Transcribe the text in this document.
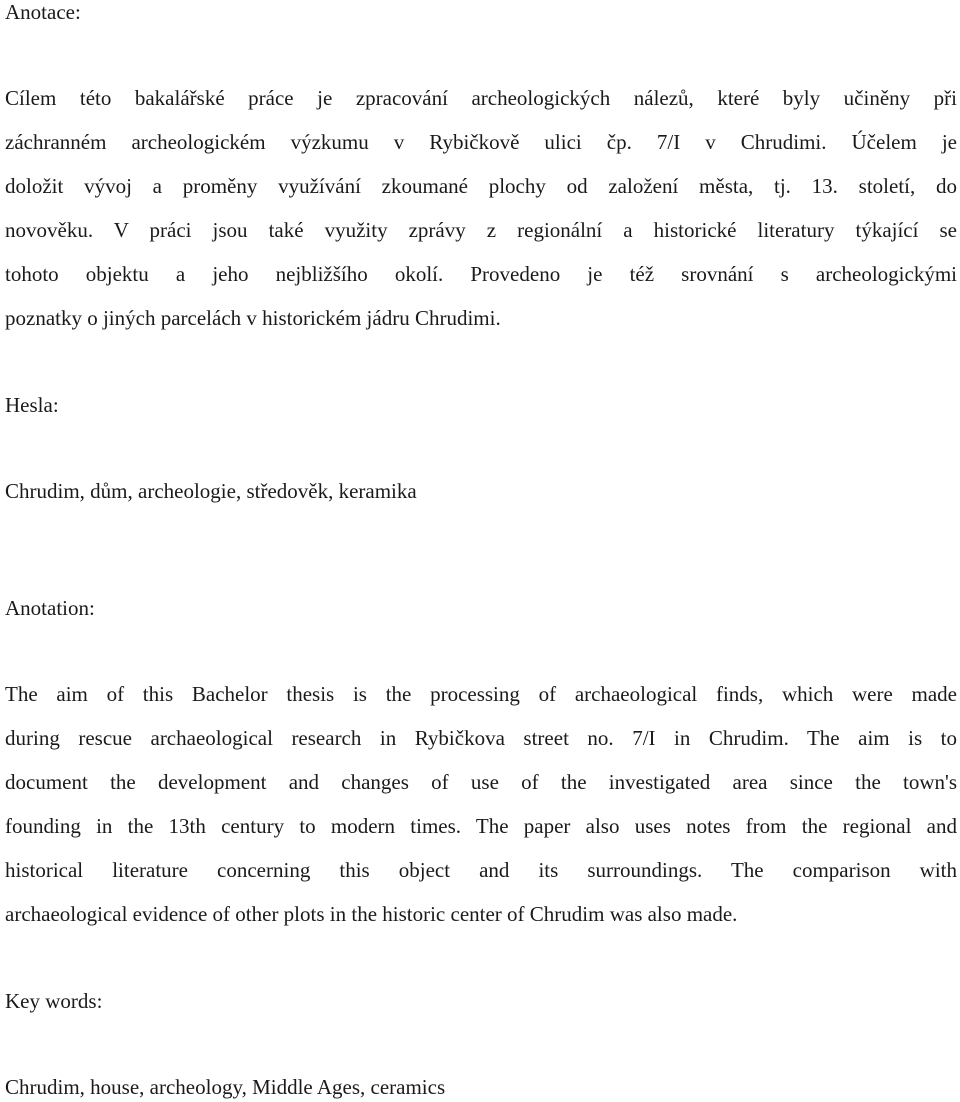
Anotace:
Cílem této bakalářské práce je zpracování archeologických nálezů, které byly učiněny při
záchranném archeologickém výzkumu v Rybičkově ulici čp. 7/I v Chrudimi. Účelem je
doložit vývoj a proměny využívání zkoumané plochy od založení města, tj. 13. století, do
novověku. V práci jsou také využity zprávy z regionální a historické literatury týkající se
tohoto objektu a jeho nejbližšího okolí. Provedeno je též srovnání s archeologickými
poznatky o jiných parcelách v historickém jádru Chrudimi.
Hesla:

Chrudim, dům, archeologie, středověk, keramika

Anotation:
The aim of this Bachelor thesis is the processing of archaeological finds, which were made
during rescue archaeological research in Rybičkova street no. 7/I in Chrudim. The aim is to
document the development and changes of use of the investigated area since the town's
founding in the 13th century to modern times. The paper also uses notes from the regional and
historical literature concerning this object and its surroundings. The comparison with
archaeological evidence of other plots in the historic center of Chrudim was also made.
Key words:

Chrudim, house, archeology, Middle Ages, ceramics
